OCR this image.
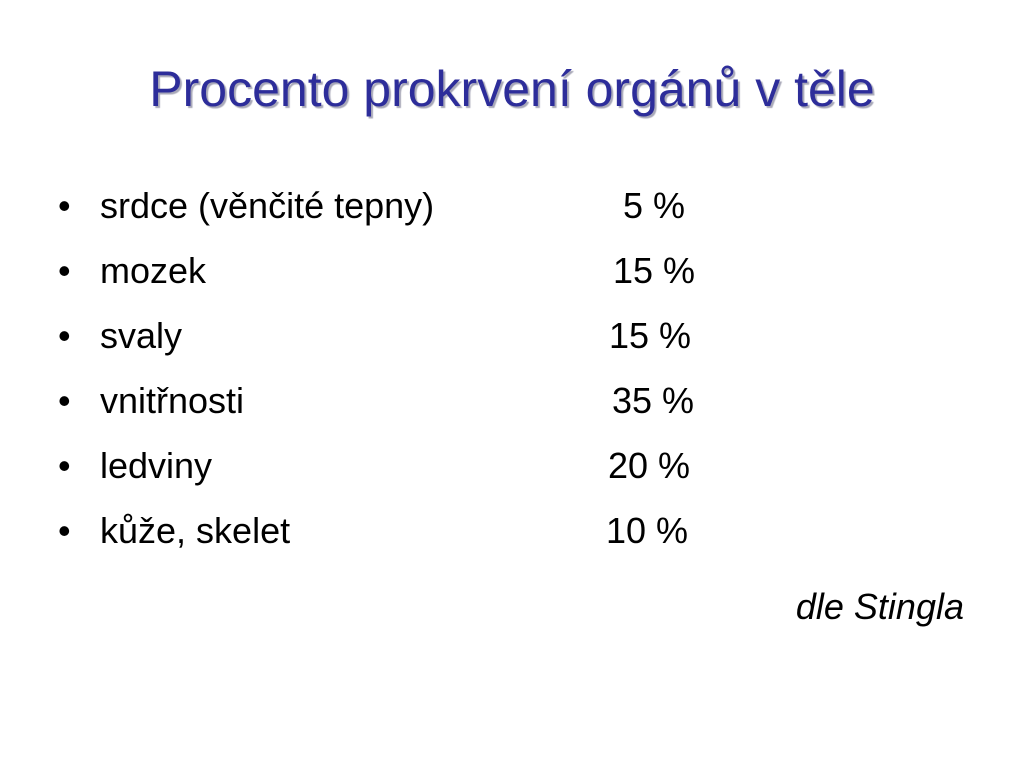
Procento prokrvení orgánů v těle
• srdce (věnčité tepny)	5 %
• mozek	15 %
• svaly	15 %
• vnitřnosti	35 %
• ledviny	20 %
• kůže, skelet	10 %

dle Stingla
